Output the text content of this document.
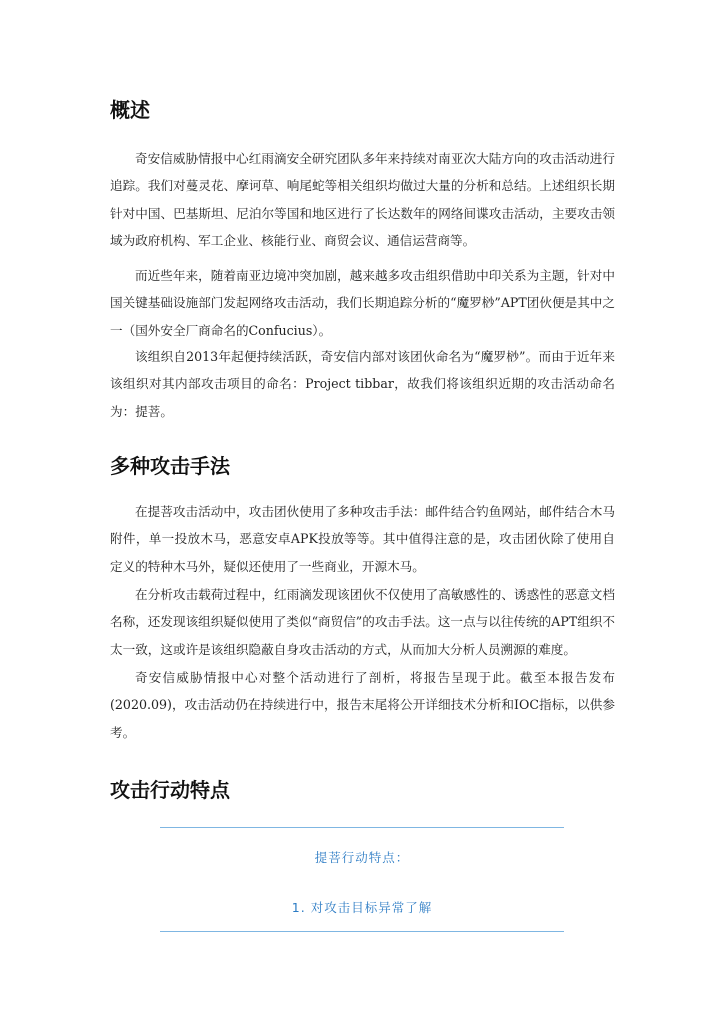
概述

奇安信威胁情报中心红雨滴安全研究团队多年来持续对南亚次大陆方向的攻击活动进行追踪。我们对蔓灵花、摩诃草、响尾蛇等相关组织均做过大量的分析和总结。上述组织长期针对中国、巴基斯坦、尼泊尔等国和地区进行了长达数年的网络间谍攻击活动，主要攻击领域为政府机构、军工企业、核能行业、商贸会议、通信运营商等。

而近些年来，随着南亚边境冲突加剧，越来越多攻击组织借助中印关系为主题，针对中国关键基础设施部门发起网络攻击活动，我们长期追踪分析的“魔罗桫”APT团伙便是其中之一（国外安全厂商命名的Confucius）。

该组织自2013年起便持续活跃，奇安信内部对该团伙命名为“魔罗桫”。而由于近年来该组织对其内部攻击项目的命名：Project tibbar，故我们将该组织近期的攻击活动命名为：提菩。

多种攻击手法

在提菩攻击活动中，攻击团伙使用了多种攻击手法：邮件结合钓鱼网站，邮件结合木马附件，单一投放木马，恶意安卓APK投放等等。其中值得注意的是，攻击团伙除了使用自定义的特种木马外，疑似还使用了一些商业，开源木马。

在分析攻击载荷过程中，红雨滴发现该团伙不仅使用了高敏感性的、诱惑性的恶意文档名称，还发现该组织疑似使用了类似“商贸信”的攻击手法。这一点与以往传统的APT组织不太一致，这或许是该组织隐蔽自身攻击活动的方式，从而加大分析人员溯源的难度。

奇安信威胁情报中心对整个活动进行了剖析，将报告呈现于此。截至本报告发布(2020.09)，攻击活动仍在持续进行中，报告末尾将公开详细技术分析和IOC指标，以供参考。

攻击行动特点
提菩行动特点：
1. 对攻击目标异常了解
